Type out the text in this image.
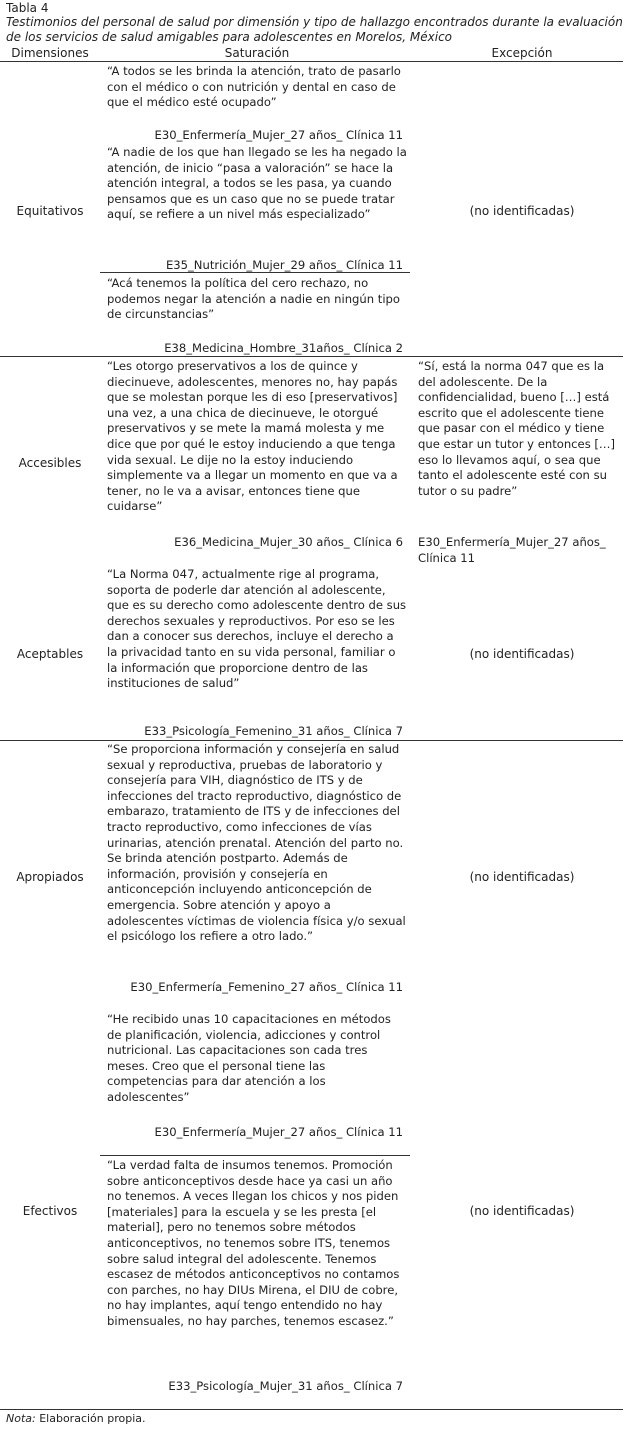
Tabla 4
Testimonios del personal de salud por dimensión y tipo de hallazgo encontrados durante la evaluación de los servicios de salud amigables para adolescentes en Morelos, México
Dimensiones	Saturación	Excepción
Equitativos
“A todos se les brinda la atención, trato de pasarlo con el médico o con nutrición y dental en caso de que el médico esté ocupado”
E30_Enfermería_Mujer_27 años_ Clínica 11
“A nadie de los que han llegado se les ha negado la atención, de inicio “pasa a valoración” se hace la atención integral, a todos se les pasa, ya cuando pensamos que es un caso que no se puede tratar aquí, se refiere a un nivel más especializado”
E35_Nutrición_Mujer_29 años_ Clínica 11
“Acá tenemos la política del cero rechazo, no podemos negar la atención a nadie en ningún tipo de circunstancias”
E38_Medicina_Hombre_31años_ Clínica 2
(no identificadas)
Accesibles
“Les otorgo preservativos a los de quince y diecinueve, adolescentes, menores no, hay papás que se molestan porque les di eso [preservativos] una vez, a una chica de diecinueve, le otorgué preservativos y se mete la mamá molesta y me dice que por qué le estoy induciendo a que tenga vida sexual. Le dije no la estoy induciendo simplemente va a llegar un momento en que va a tener, no le va a avisar, entonces tiene que cuidarse”
E36_Medicina_Mujer_30 años_ Clínica 6
“Sí, está la norma 047 que es la del adolescente. De la confidencialidad, bueno […] está escrito que el adolescente tiene que pasar con el médico y tiene que estar un tutor y entonces […] eso lo llevamos aquí, o sea que tanto el adolescente esté con su tutor o su padre”
E30_Enfermería_Mujer_27 años_ Clínica 11
Aceptables
“La Norma 047, actualmente rige al programa, soporta de poderle dar atención al adolescente, que es su derecho como adolescente dentro de sus derechos sexuales y reproductivos. Por eso se les dan a conocer sus derechos, incluye el derecho a la privacidad tanto en su vida personal, familiar o la información que proporcione dentro de las instituciones de salud”
E33_Psicología_Femenino_31 años_ Clínica 7
(no identificadas)
Apropiados
“Se proporciona información y consejería en salud sexual y reproductiva, pruebas de laboratorio y consejería para VIH, diagnóstico de ITS y de infecciones del tracto reproductivo, diagnóstico de embarazo, tratamiento de ITS y de infecciones del tracto reproductivo, como infecciones de vías urinarias, atención prenatal. Atención del parto no. Se brinda atención postparto. Además de información, provisión y consejería en anticoncepción incluyendo anticoncepción de emergencia. Sobre atención y apoyo a adolescentes víctimas de violencia física y/o sexual el psicólogo los refiere a otro lado.”
E30_Enfermería_Femenino_27 años_ Clínica 11
(no identificadas)
Efectivos
“He recibido unas 10 capacitaciones en métodos de planificación, violencia, adicciones y control nutricional. Las capacitaciones son cada tres meses. Creo que el personal tiene las competencias para dar atención a los adolescentes”
E30_Enfermería_Mujer_27 años_ Clínica 11
“La verdad falta de insumos tenemos. Promoción sobre anticonceptivos desde hace ya casi un año no tenemos. A veces llegan los chicos y nos piden [materiales] para la escuela y se les presta [el material], pero no tenemos sobre métodos anticonceptivos, no tenemos sobre ITS, tenemos sobre salud integral del adolescente. Tenemos escasez de métodos anticonceptivos no contamos con parches, no hay DIUs Mirena, el DIU de cobre, no hay implantes, aquí tengo entendido no hay bimensuales, no hay parches, tenemos escasez.”
E33_Psicología_Mujer_31 años_ Clínica 7
(no identificadas)
Nota: Elaboración propia.
